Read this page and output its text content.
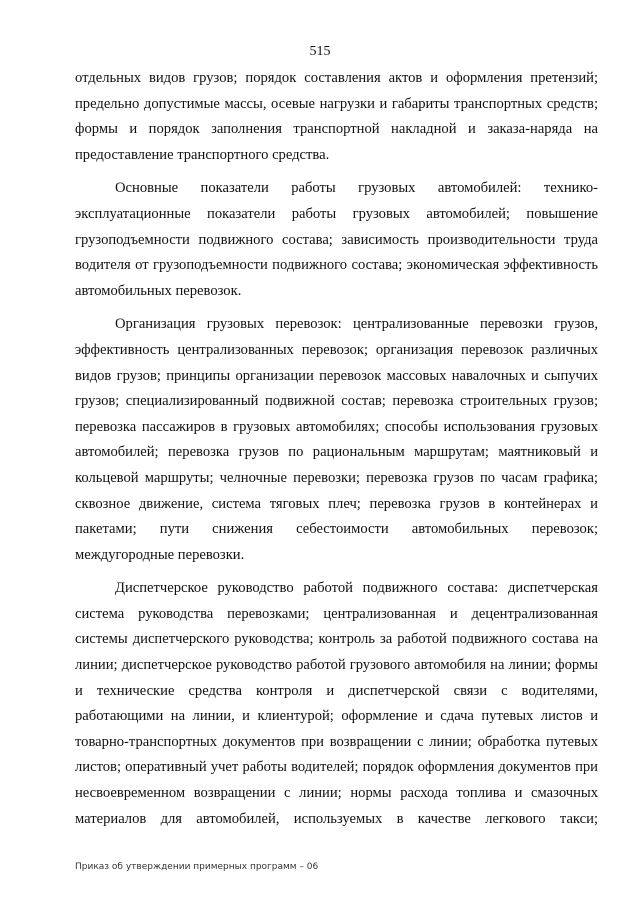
515

отдельных видов грузов; порядок составления актов и оформления претензий; предельно допустимые массы, осевые нагрузки и габариты транспортных средств; формы и порядок заполнения транспортной накладной и заказа-наряда на предоставление транспортного средства.

Основные показатели работы грузовых автомобилей: технико-эксплуатационные показатели работы грузовых автомобилей; повышение грузоподъемности подвижного состава; зависимость производительности труда водителя от грузоподъемности подвижного состава; экономическая эффективность автомобильных перевозок.

Организация грузовых перевозок: централизованные перевозки грузов, эффективность централизованных перевозок; организация перевозок различных видов грузов; принципы организации перевозок массовых навалочных и сыпучих грузов; специализированный подвижной состав; перевозка строительных грузов; перевозка пассажиров в грузовых автомобилях; способы использования грузовых автомобилей; перевозка грузов по рациональным маршрутам; маятниковый и кольцевой маршруты; челночные перевозки; перевозка грузов по часам графика; сквозное движение, система тяговых плеч; перевозка грузов в контейнерах и пакетами; пути снижения себестоимости автомобильных перевозок; междугородные перевозки.

Диспетчерское руководство работой подвижного состава: диспетчерская система руководства перевозками; централизованная и децентрализованная системы диспетчерского руководства; контроль за работой подвижного состава на линии; диспетчерское руководство работой грузового автомобиля на линии; формы и технические средства контроля и диспетчерской связи с водителями, работающими на линии, и клиентурой; оформление и сдача путевых листов и товарно-транспортных документов при возвращении с линии; обработка путевых листов; оперативный учет работы водителей; порядок оформления документов при несвоевременном возвращении с линии; нормы расхода топлива и смазочных материалов для автомобилей, используемых в качестве легкового такси;

Приказ об утверждении примерных программ – 06
